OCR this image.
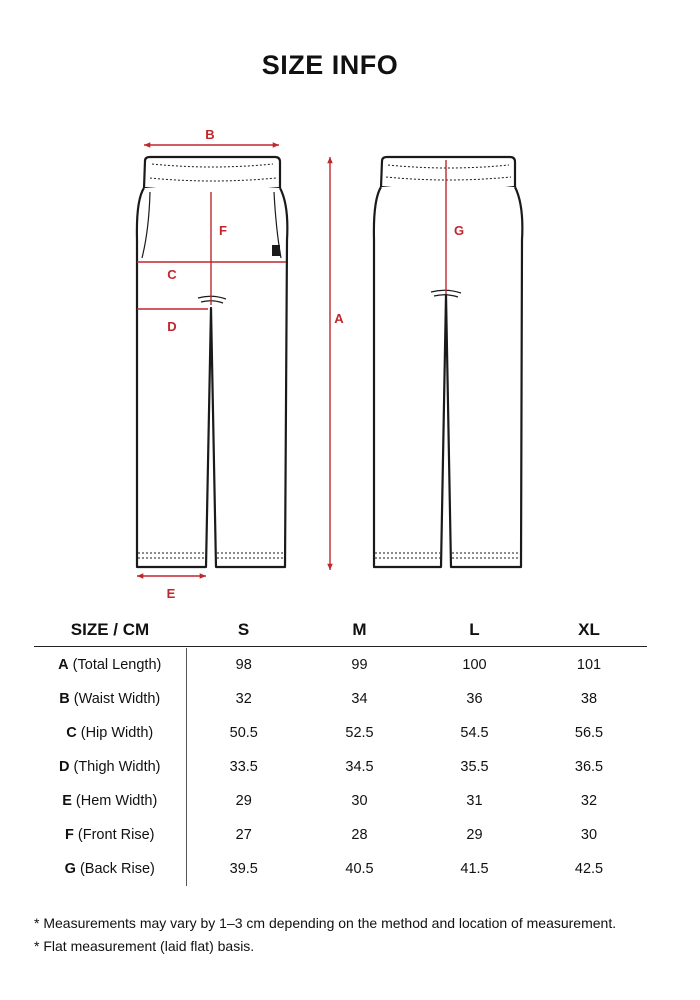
SIZE INFO
B
F
C
D
A
G
E
SIZE / CM	S	M	L	XL

A (Total Length)	98	99	100	101
B (Waist Width)	32	34	36	38
C (Hip Width)	50.5	52.5	54.5	56.5
D (Thigh Width)	33.5	34.5	35.5	36.5
E (Hem Width)	29	30	31	32
F (Front Rise)	27	28	29	30
G (Back Rise)	39.5	40.5	41.5	42.5
* Measurements may vary by 1–3 cm depending on the method and location of measurement.
* Flat measurement (laid flat) basis.
